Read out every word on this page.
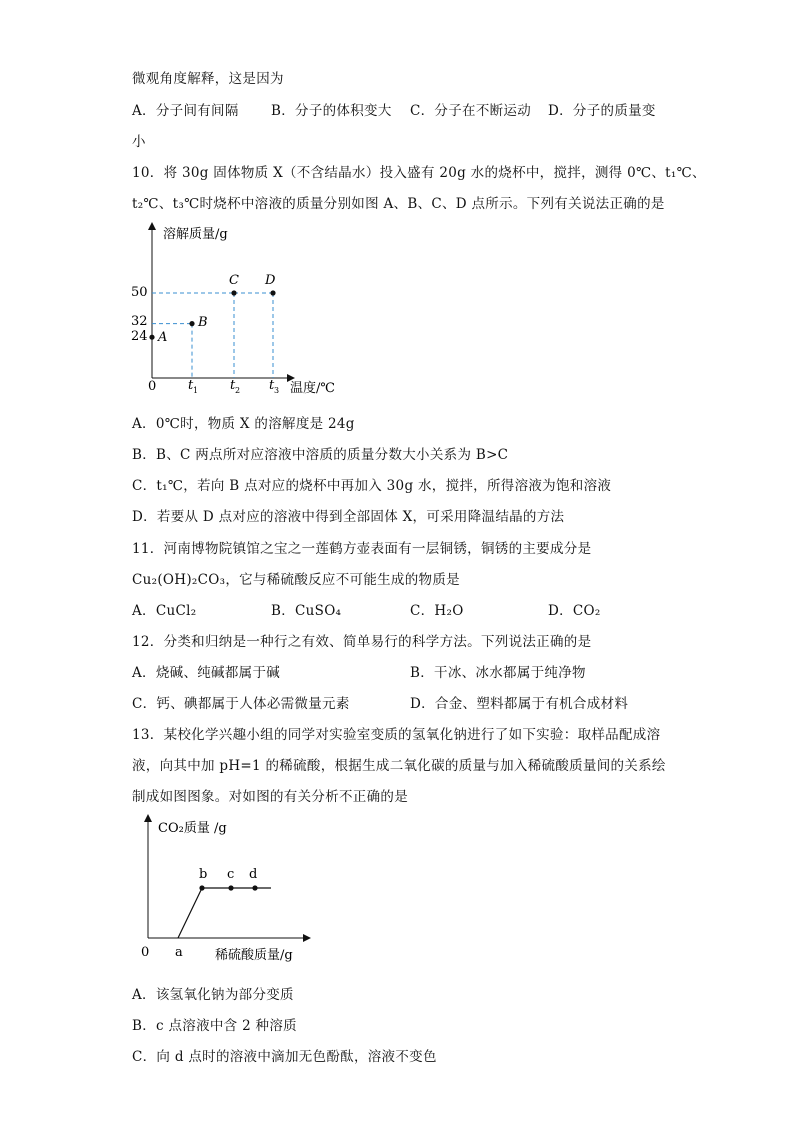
微观角度解释，这是因为
A．分子间有间隔 B．分子的体积变大 C．分子在不断运动 D．分子的质量变
小
10．将 30g 固体物质 X（不含结晶水）投入盛有 20g 水的烧杯中，搅拌，测得 0℃、t₁℃、
t₂℃、t₃℃时烧杯中溶液的质量分别如图 A、B、C、D 点所示。下列有关说法正确的是
溶解质量/g
温度/℃
0
50
32
24
t 1 t 2 t 3
A
B
C D
A．0℃时，物质 X 的溶解度是 24g
B．B、C 两点所对应溶液中溶质的质量分数大小关系为 B>C
C．t₁℃，若向 B 点对应的烧杯中再加入 30g 水，搅拌，所得溶液为饱和溶液
D．若要从 D 点对应的溶液中得到全部固体 X，可采用降温结晶的方法
11．河南博物院镇馆之宝之一莲鹤方壶表面有一层铜锈，铜锈的主要成分是
Cu₂(OH)₂CO₃，它与稀硫酸反应不可能生成的物质是
A．CuCl₂	B．CuSO₄	C．H₂O	D．CO₂
12．分类和归纳是一种行之有效、简单易行的科学方法。下列说法正确的是
A．烧碱、纯碱都属于碱	B．干冰、冰水都属于纯净物
C．钙、碘都属于人体必需微量元素	D．合金、塑料都属于有机合成材料
13．某校化学兴趣小组的同学对实验室变质的氢氧化钠进行了如下实验：取样品配成溶
液，向其中加 pH=1 的稀硫酸，根据生成二氧化碳的质量与加入稀硫酸质量间的关系绘
制成如图图象。对如图的有关分析不正确的是
CO₂质量 /g
稀硫酸质量/g
0 a
b c d
A．该氢氧化钠为部分变质
B．c 点溶液中含 2 种溶质
C．向 d 点时的溶液中滴加无色酚酞，溶液不变色
